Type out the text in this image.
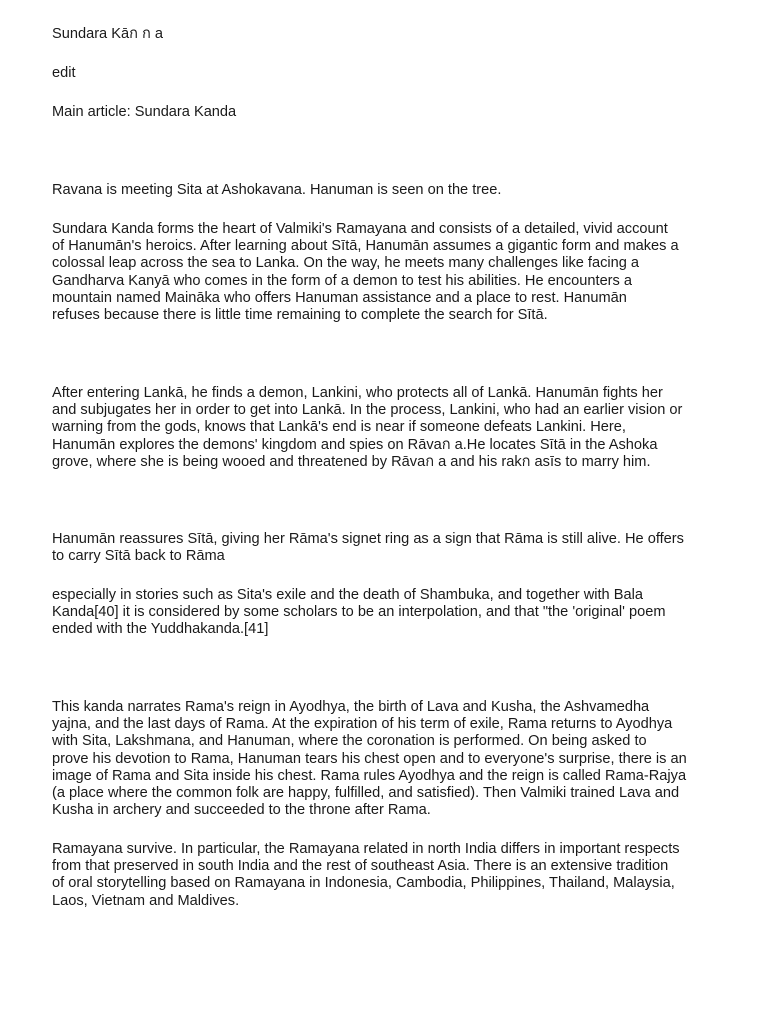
Sundara Kāก ก a

edit

Main article: Sundara Kanda

Ravana is meeting Sita at Ashokavana. Hanuman is seen on the tree.

Sundara Kanda forms the heart of Valmiki's Ramayana and consists of a detailed, vivid account
of Hanumān's heroics. After learning about Sītā, Hanumān assumes a gigantic form and makes a
colossal leap across the sea to Lanka. On the way, he meets many challenges like facing a
Gandharva Kanyā who comes in the form of a demon to test his abilities. He encounters a
mountain named Maināka who offers Hanuman assistance and a place to rest. Hanumān
refuses because there is little time remaining to complete the search for Sītā.

After entering Lankā, he finds a demon, Lankini, who protects all of Lankā. Hanumān fights her
and subjugates her in order to get into Lankā. In the process, Lankini, who had an earlier vision or
warning from the gods, knows that Lankā's end is near if someone defeats Lankini. Here,
Hanumān explores the demons' kingdom and spies on Rāvaก a.He locates Sītā in the Ashoka
grove, where she is being wooed and threatened by Rāvaก a and his rakก asīs to marry him.

Hanumān reassures Sītā, giving her Rāma's signet ring as a sign that Rāma is still alive. He offers
to carry Sītā back to Rāma

especially in stories such as Sita's exile and the death of Shambuka, and together with Bala
Kanda[40] it is considered by some scholars to be an interpolation, and that "the 'original' poem
ended with the Yuddhakanda.[41]

This kanda narrates Rama's reign in Ayodhya, the birth of Lava and Kusha, the Ashvamedha
yajna, and the last days of Rama. At the expiration of his term of exile, Rama returns to Ayodhya
with Sita, Lakshmana, and Hanuman, where the coronation is performed. On being asked to
prove his devotion to Rama, Hanuman tears his chest open and to everyone's surprise, there is an
image of Rama and Sita inside his chest. Rama rules Ayodhya and the reign is called Rama-Rajya
(a place where the common folk are happy, fulfilled, and satisfied). Then Valmiki trained Lava and
Kusha in archery and succeeded to the throne after Rama.

Ramayana survive. In particular, the Ramayana related in north India differs in important respects
from that preserved in south India and the rest of southeast Asia. There is an extensive tradition
of oral storytelling based on Ramayana in Indonesia, Cambodia, Philippines, Thailand, Malaysia,
Laos, Vietnam and Maldives.
